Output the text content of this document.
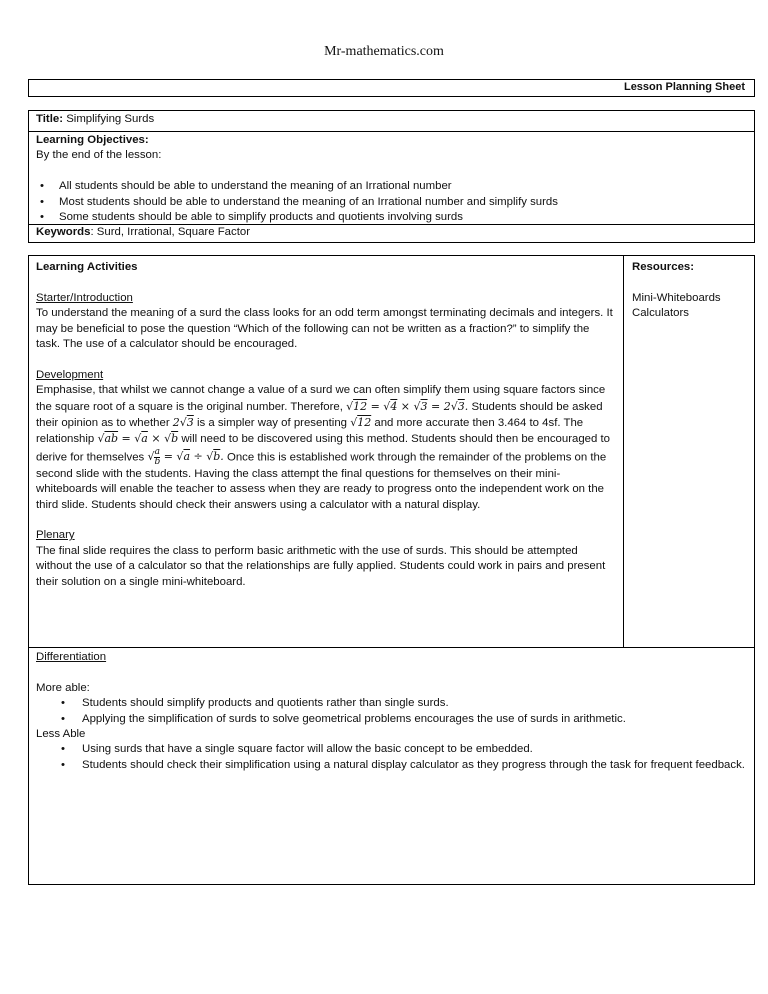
Mr-mathematics.com
Lesson Planning Sheet
Title: Simplifying Surds
Learning Objectives:
By the end of the lesson:
• All students should be able to understand the meaning of an Irrational number
• Most students should be able to understand the meaning of an Irrational number and simplify surds
• Some students should be able to simplify products and quotients involving surds
Keywords: Surd, Irrational, Square Factor
Learning Activities
Starter/Introduction
To understand the meaning of a surd the class looks for an odd term amongst terminating decimals and integers. It may be beneficial to pose the question “Which of the following can not be written as a fraction?” to simplify the task. The use of a calculator should be encouraged.
Development
Emphasise, that whilst we cannot change a value of a surd we can often simplify them using square factors since the square root of a square is the original number. Therefore, √12 = √4 × √3 = 2√3. Students should be asked their opinion as to whether 2√3 is a simpler way of presenting √12 and more accurate then 3.464 to 4sf. The relationship √ab = √a × √b will need to be discovered using this method. Students should then be encouraged to derive for themselves √ $\frac{a}{b} = √a \div √b$. Once this is established work through the remainder of the problems on the second slide with the students. Having the class attempt the final questions for themselves on their mini-whiteboards will enable the teacher to assess when they are ready to progress onto the independent work on the third slide. Students should check their answers using a calculator with a natural display.
Plenary
The final slide requires the class to perform basic arithmetic with the use of surds. This should be attempted without the use of a calculator so that the relationships are fully applied. Students could work in pairs and present their solution on a single mini-whiteboard.
Resources:
Mini-Whiteboards
Calculators
Differentiation
More able:
• Students should simplify products and quotients rather than single surds.
• Applying the simplification of surds to solve geometrical problems encourages the use of surds in arithmetic.
Less Able
• Using surds that have a single square factor will allow the basic concept to be embedded.
• Students should check their simplification using a natural display calculator as they progress through the task for frequent feedback.
